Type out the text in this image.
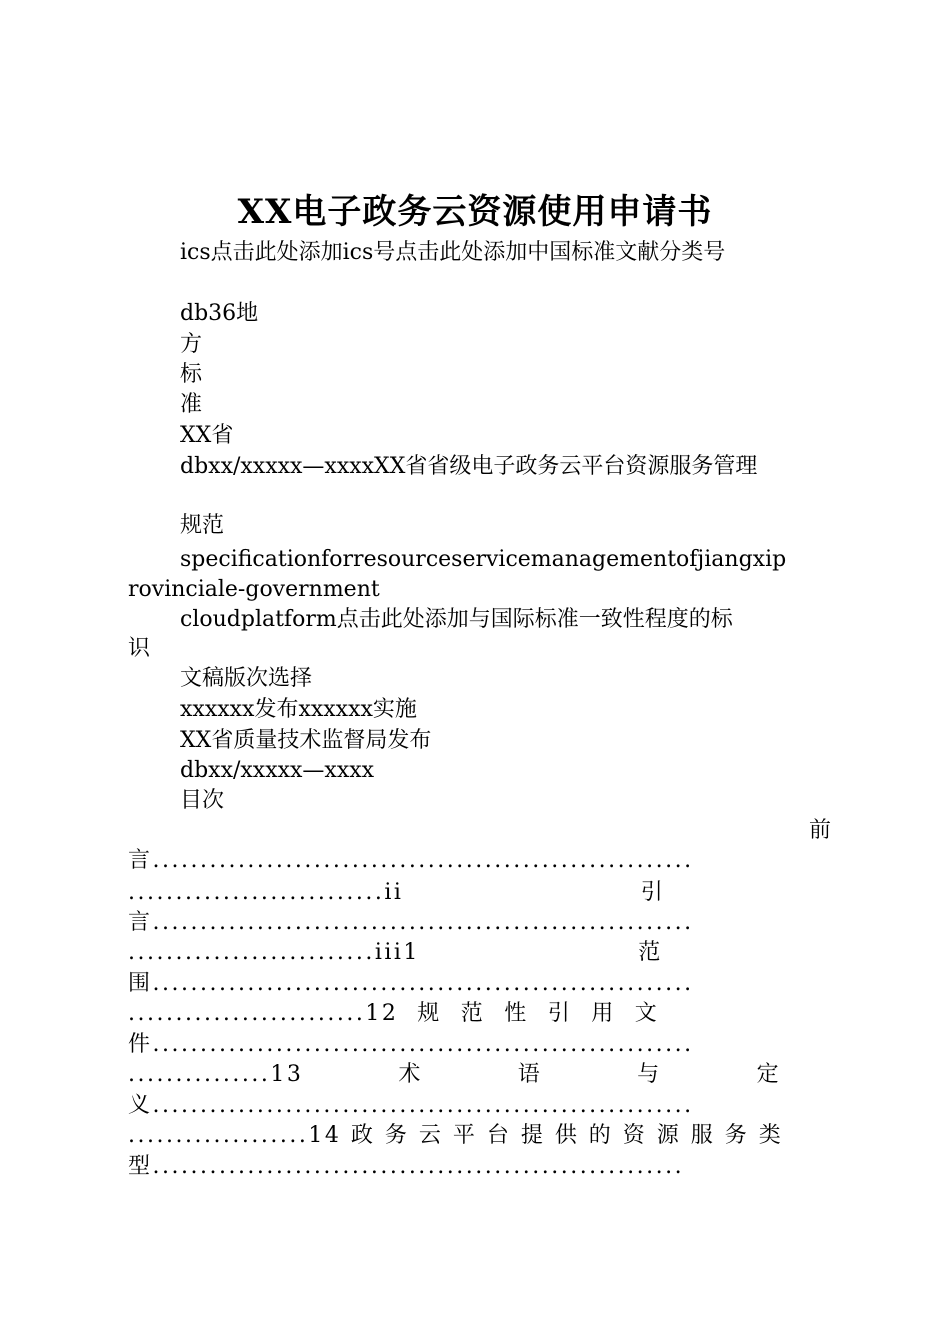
XX电子政务云资源使用申请书
ics点击此处添加ics号点击此处添加中国标准文献分类号
db36地
方
标
准
XX省
dbxx/xxxxx—xxxxXX省省级电子政务云平台资源服务管理
规范
specificationforresourceservicemanagementofjiangxip
rovinciale-government
cloudplatform点击此处添加与国际标准一致性程度的标
识
文稿版次选择
xxxxxx发布xxxxxx实施
XX省质量技术监督局发布
dbxx/xxxxx—xxxx
目次
前
言.........................................................
...........................ii                         引
言.........................................................
..........................iii1                       范
围.........................................................
.........................12  规  范  性  引  用  文
件.........................................................
...............13          术          语          与          定
义.........................................................
...................14 政 务 云 平 台 提 供 的 资 源 服 务 类
型........................................................
